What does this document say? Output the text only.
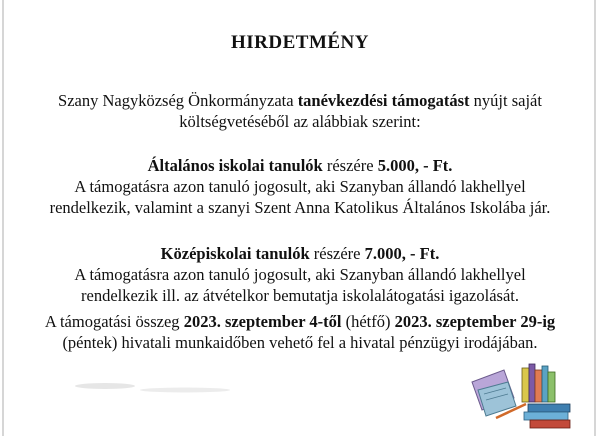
HIRDETMÉNY
Szany Nagyközség Önkormányzata tanévkezdési támogatást nyújt saját
költségvetéséből az alábbiak szerint:
Általános iskolai tanulók részére 5.000, - Ft.
A támogatásra azon tanuló jogosult, aki Szanyban állandó lakhellyel
rendelkezik, valamint a szanyi Szent Anna Katolikus Általános Iskolába jár.
Középiskolai tanulók részére 7.000, - Ft.
A támogatásra azon tanuló jogosult, aki Szanyban állandó lakhellyel
rendelkezik ill. az átvételkor bemutatja iskolalátogatási igazolását.
A támogatási összeg 2023. szeptember 4-től (hétfő) 2023. szeptember 29-ig
(péntek) hivatali munkaidőben vehető fel a hivatal pénzügyi irodájában.
